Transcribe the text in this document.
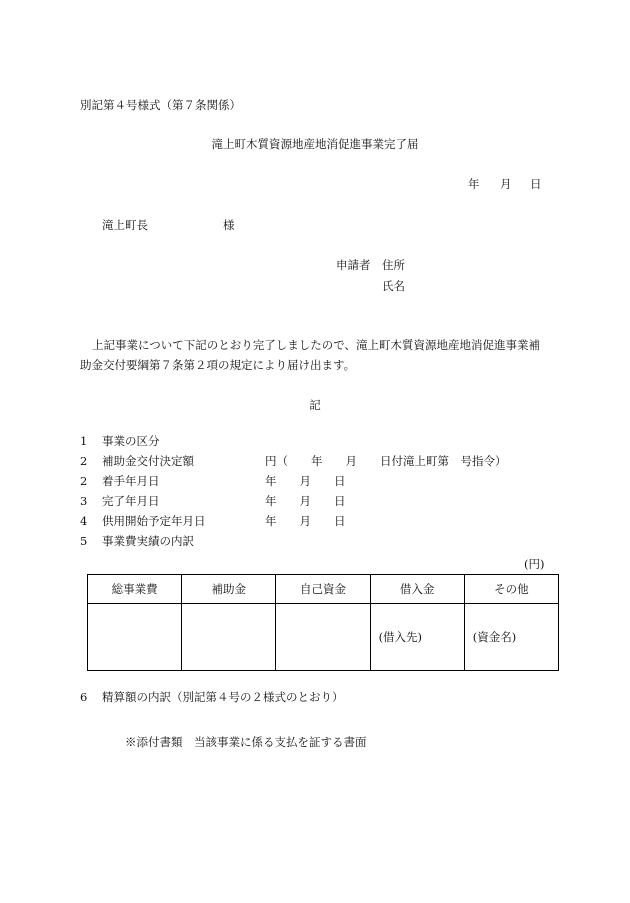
別記第４号様式（第７条関係）
滝上町木質資源地産地消促進事業完了届
年 月 日
滝上町長	様
申請者 住所
氏名
上記事業について下記のとおり完了しましたので、滝上町木質資源地産地消促進事業補
助金交付要綱第７条第２項の規定により届け出ます。
記
1	事業の区分	
2	補助金交付決定額	円（　　年　　月　　日付滝上町第　号指令）
2	着手年月日	年　　月　　日
3	完了年月日	年　　月　　日
4	供用開始予定年月日	年　　月　　日
5	事業費実績の内訳	
(円)
総事業費	補助金	自己資金	借入金	その他
			(借入先)	(資金名)
6 精算額の内訳（別記第４号の２様式のとおり）
※添付書類　当該事業に係る支払を証する書面
